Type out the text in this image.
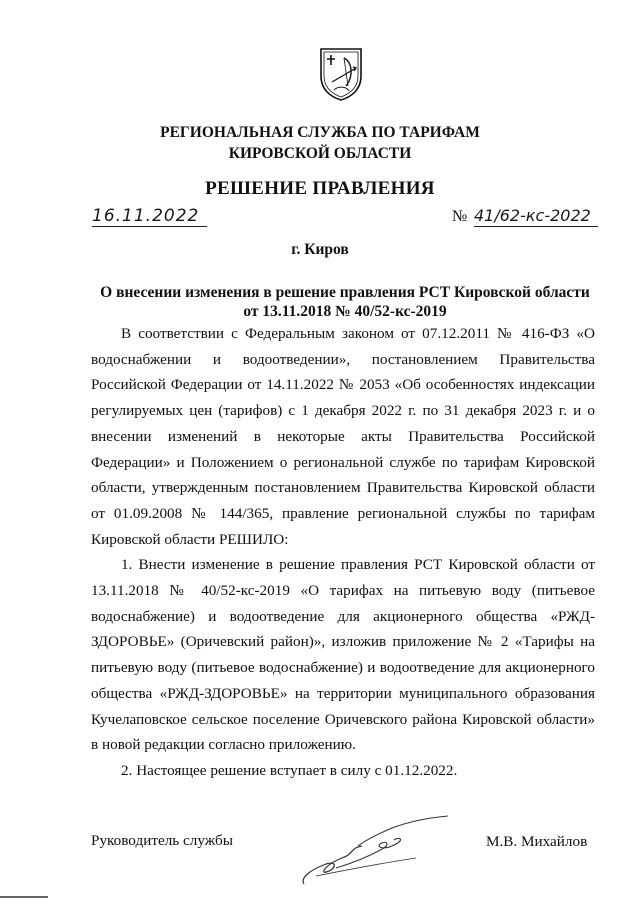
РЕГИОНАЛЬНАЯ СЛУЖБА ПО ТАРИФАМ
КИРОВСКОЙ ОБЛАСТИ
РЕШЕНИЕ ПРАВЛЕНИЯ
16.11.2022	№ 41/62-кс-2022
г. Киров
О внесении изменения в решение правления РСТ Кировской области от 13.11.2018 № 40/52-кс-2019

В соответствии с Федеральным законом от 07.12.2011 № 416-ФЗ «О водоснабжении и водоотведении», постановлением Правительства Российской Федерации от 14.11.2022 № 2053 «Об особенностях индексации регулируемых цен (тарифов) с 1 декабря 2022 г. по 31 декабря 2023 г. и о внесении изменений в некоторые акты Правительства Российской Федерации» и Положением о региональной службе по тарифам Кировской области, утвержденным постановлением Правительства Кировской области от 01.09.2008 № 144/365, правление региональной службы по тарифам Кировской области РЕШИЛО:

1. Внести изменение в решение правления РСТ Кировской области от 13.11.2018 № 40/52-кс-2019 «О тарифах на питьевую воду (питьевое водоснабжение) и водоотведение для акционерного общества «РЖД-ЗДОРОВЬЕ» (Оричевский район)», изложив приложение № 2 «Тарифы на питьевую воду (питьевое водоснабжение) и водоотведение для акционерного общества «РЖД-ЗДОРОВЬЕ» на территории муниципального образования Кучелаповское сельское поселение Оричевского района Кировской области» в новой редакции согласно приложению.

2. Настоящее решение вступает в силу с 01.12.2022.

Руководитель службы	М.В. Михайлов
